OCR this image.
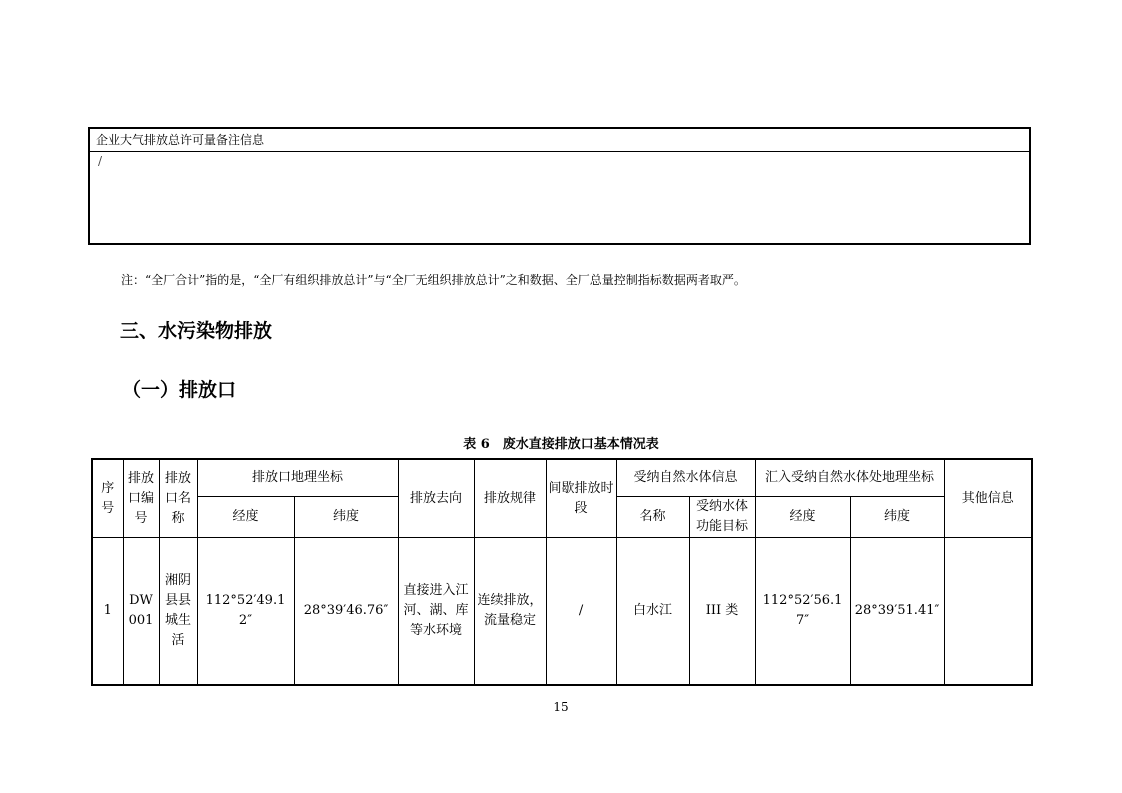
企业大气排放总许可量备注信息
/
注：“全厂合计”指的是，“全厂有组织排放总计”与“全厂无组织排放总计”之和数据、全厂总量控制指标数据两者取严。
三、水污染物排放
（一）排放口
表 6　废水直接排放口基本情况表
序号	排放口编号	排放口名称	排放口地理坐标		排放去向	排放规律	间歇排放时段	受纳自然水体信息		汇入受纳自然水体处地理坐标		其他信息
			经度	纬度				名称	受纳水体功能目标	经度	纬度	
1	DW001	湘阴县县城生活	112°52′49.12″	28°39′46.76″	直接进入江河、湖、库等水环境	连续排放，流量稳定	/	白水江	III 类	112°52′56.17″	28°39′51.41″	
15
